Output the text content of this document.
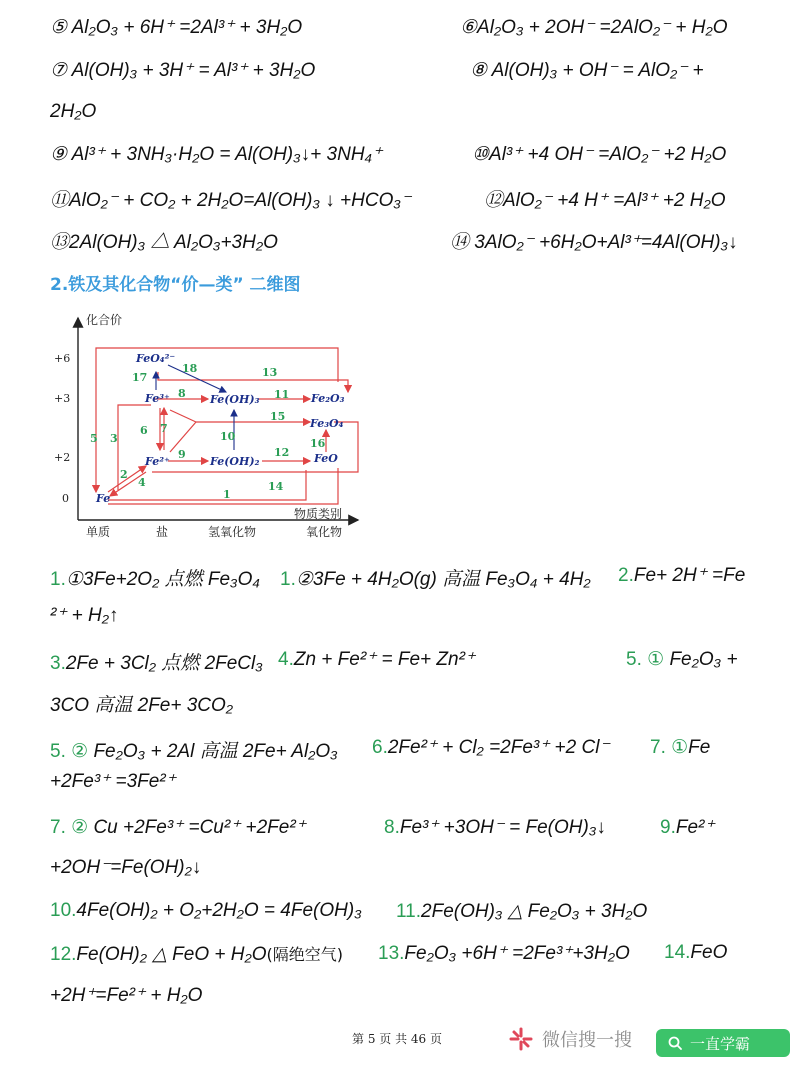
⑤ Al₂O₃ + 6H⁺ =2Al³⁺ + 3H₂O	⑥Al₂O₃ + 2OH⁻ =2AlO₂⁻ + H₂O
⑦ Al(OH)₃ + 3H⁺ = Al³⁺ + 3H₂O	⑧ Al(OH)₃ + OH⁻ = AlO₂⁻ +
2H₂O
⑨ Al³⁺ + 3NH₃·H₂O = Al(OH)₃↓+ 3NH₄⁺	⑩Al³⁺ +4 OH⁻ =AlO₂⁻ +2 H₂O
⑪AlO₂⁻ + CO₂ + 2H₂O=Al(OH)₃ ↓ +HCO₃⁻	⑫AlO₂⁻ +4 H⁺ =Al³⁺ +2 H₂O
⑬2Al(OH)₃ △ Al₂O₃+3H₂O	⑭ 3AlO₂⁻ +6H₂O+Al³⁺=4Al(OH)₃↓
2.铁及其化合物“价—类” 二维图
化合价
物质类别
+6
+3
+2
0
单质	盐	氢氧化物	氧化物
FeO₄²⁻
Fe³⁺	Fe(OH)₃	Fe₂O₃
Fe₃O₄
Fe²⁺	Fe(OH)₂	FeO
Fe	1
2
3
4
5
6 7
8
9
10
11
12
13
14
15
16
17
18
1.①3Fe+2O₂ 点燃 Fe₃O₄ 1.②3Fe + 4H₂O(g) 高温 Fe₃O₄ + 4H₂ 2.Fe+ 2H⁺ =Fe
²⁺ + H₂↑
3.2Fe + 3Cl₂ 点燃 2FeCl₃ 4.Zn + Fe²⁺ = Fe+ Zn²⁺	5. ① Fe₂O₃ +
3CO 高温 2Fe+ 3CO₂
5. ② Fe₂O₃ + 2Al 高温 2Fe+ Al₂O₃ 6.2Fe²⁺ + Cl₂ =2Fe³⁺ +2 Cl⁻ 7. ①Fe
+2Fe³⁺ =3Fe²⁺
7. ② Cu +2Fe³⁺ =Cu²⁺ +2Fe²⁺	8.Fe³⁺ +3OH⁻ = Fe(OH)₃↓	9.Fe²⁺
+2OH⁻=Fe(OH)₂↓
10.4Fe(OH)₂ + O₂+2H₂O = 4Fe(OH)₃ 11.2Fe(OH)₃ △ Fe₂O₃ + 3H₂O
12.Fe(OH)₂ △ FeO + H₂O(隔绝空气) 13.Fe₂O₃ +6H⁺ =2Fe³⁺+3H₂O 14.FeO
+2H⁺=Fe²⁺ + H₂O
第 5 页 共 46 页	微信搜一搜	一直学霸
